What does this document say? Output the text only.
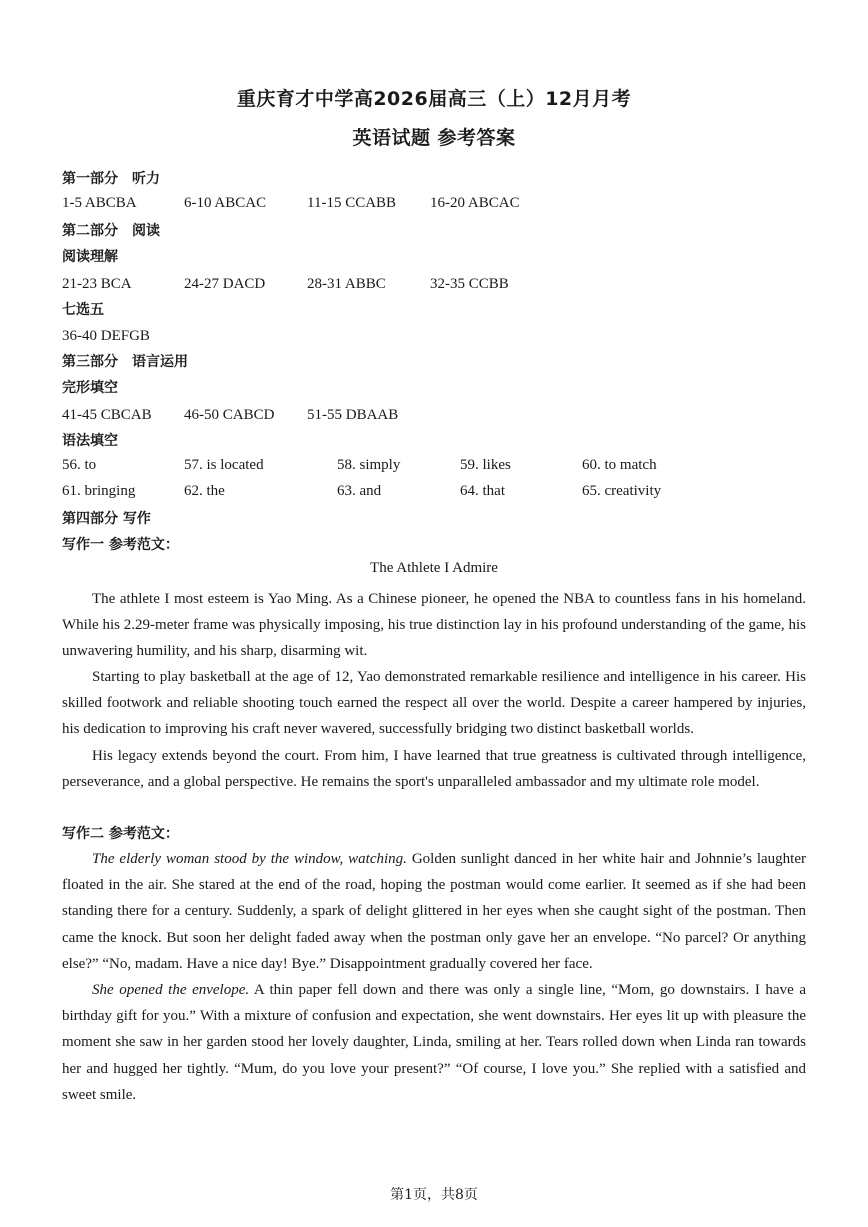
重庆育才中学高2026届高三（上）12月月考
英语试题 参考答案
第一部分　听力
1-5 ABCBA	6-10 ABCAC	11-15 CCABB 16-20 ABCAC
第二部分　阅读
阅读理解
21-23 BCA	24-27 DACD	28-31 ABBC	32-35 CCBB
七选五
36-40 DEFGB
第三部分　语言运用
完形填空
41-45 CBCAB 46-50 CABCD 51-55 DBAAB
语法填空
56. to	57. is located	58. simply	59. likes	60. to match
61. bringing	62. the	63. and	64. that	65. creativity
第四部分 写作
写作一 参考范文：
The Athlete I Admire

The athlete I most esteem is Yao Ming. As a Chinese pioneer, he opened the NBA to countless fans in his homeland. While his 2.29-meter frame was physically imposing, his true distinction lay in his profound understanding of the game, his unwavering humility, and his sharp, disarming wit.

Starting to play basketball at the age of 12, Yao demonstrated remarkable resilience and intelligence in his career. His skilled footwork and reliable shooting touch earned the respect all over the world. Despite a career hampered by injuries, his dedication to improving his craft never wavered, successfully bridging two distinct basketball worlds.

His legacy extends beyond the court. From him, I have learned that true greatness is cultivated through intelligence, perseverance, and a global perspective. He remains the sport's unparalleled ambassador and my ultimate role model.

写作二 参考范文：

The elderly woman stood by the window, watching. Golden sunlight danced in her white hair and Johnnie’s laughter floated in the air. She stared at the end of the road, hoping the postman would come earlier. It seemed as if she had been standing there for a century. Suddenly, a spark of delight glittered in her eyes when she caught sight of the postman. Then came the knock. But soon her delight faded away when the postman only gave her an envelope. “No parcel? Or anything else?” “No, madam. Have a nice day! Bye.” Disappointment gradually covered her face.

She opened the envelope. A thin paper fell down and there was only a single line, “Mom, go downstairs. I have a birthday gift for you.” With a mixture of confusion and expectation, she went downstairs. Her eyes lit up with pleasure the moment she saw in her garden stood her lovely daughter, Linda, smiling at her. Tears rolled down when Linda ran towards her and hugged her tightly. “Mum, do you love your present?” “Of course, I love you.” She replied with a satisfied and sweet smile.

第1页，共8页
